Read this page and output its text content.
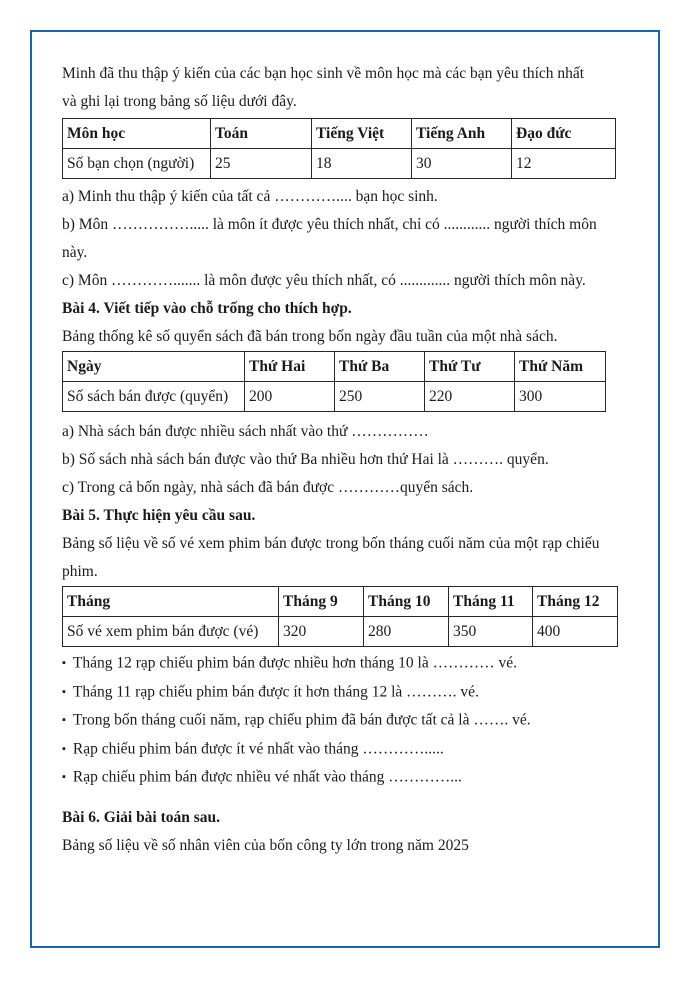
Minh đã thu thập ý kiến của các bạn học sinh về môn học mà các bạn yêu thích nhất
và ghi lại trong bảng số liệu dưới đây.
Môn học	Toán	Tiếng Việt	Tiếng Anh	Đạo đức
Số bạn chọn (người)	25	18	30	12
a) Minh thu thập ý kiến của tất cả ………….... bạn học sinh.
b) Môn ……………..... là môn ít được yêu thích nhất, chỉ có ............ người thích môn
này.
c) Môn …………....... là môn được yêu thích nhất, có ............. người thích môn này.
Bài 4. Viết tiếp vào chỗ trống cho thích hợp.
Bảng thống kê số quyển sách đã bán trong bốn ngày đầu tuần của một nhà sách.
Ngày	Thứ Hai	Thứ Ba	Thứ Tư	Thứ Năm
Số sách bán được (quyển)	200	250	220	300
a) Nhà sách bán được nhiều sách nhất vào thứ ……………
b) Số sách nhà sách bán được vào thứ Ba nhiều hơn thứ Hai là ………. quyển.
c) Trong cả bốn ngày, nhà sách đã bán được …………quyển sách.
Bài 5. Thực hiện yêu cầu sau.
Bảng số liệu về số vé xem phim bán được trong bốn tháng cuối năm của một rạp chiếu
phim.
Tháng	Tháng 9	Tháng 10	Tháng 11	Tháng 12
Số vé xem phim bán được (vé)	320	280	350	400
▪ Tháng 12 rạp chiếu phim bán được nhiều hơn tháng 10 là ………… vé.
▪ Tháng 11 rạp chiếu phim bán được ít hơn tháng 12 là ………. vé.
▪ Trong bốn tháng cuối năm, rạp chiếu phim đã bán được tất cả là ……. vé.
▪ Rạp chiếu phim bán được ít vé nhất vào tháng ………….....
▪ Rạp chiếu phim bán được nhiều vé nhất vào tháng …………...
Bài 6. Giải bài toán sau.
Bảng số liệu về số nhân viên của bốn công ty lớn trong năm 2025
